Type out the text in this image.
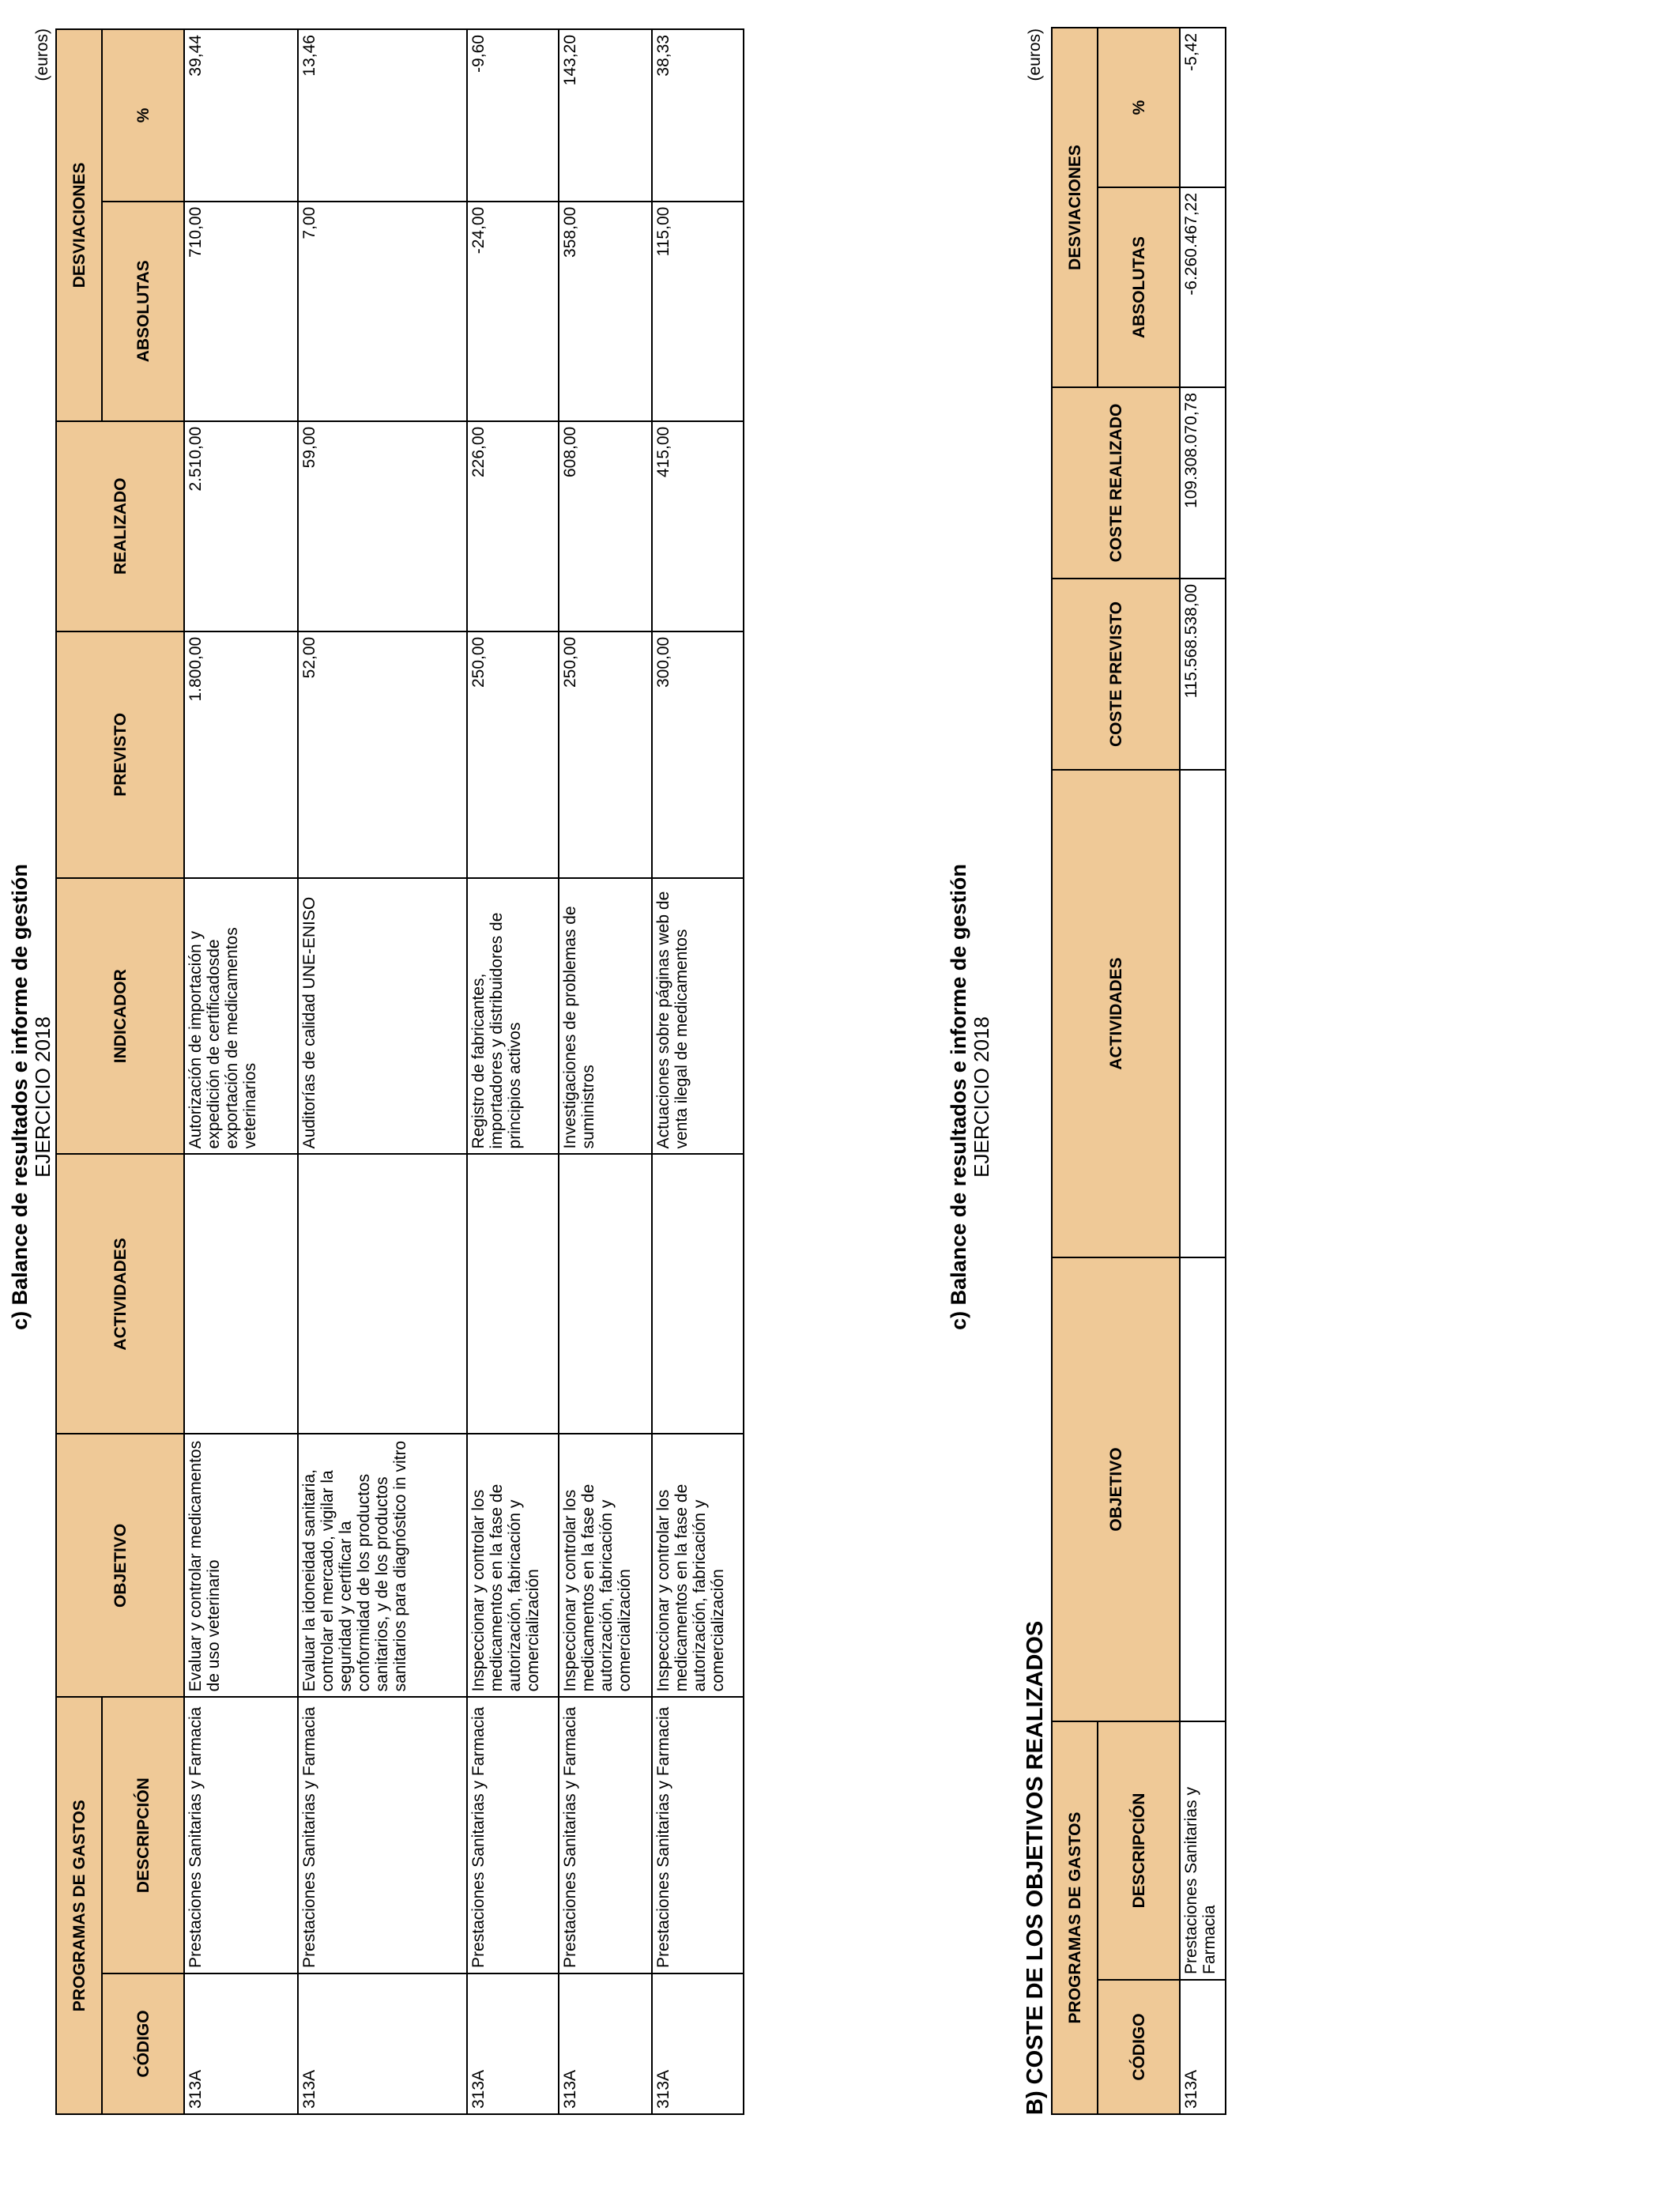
c) Balance de resultados e informe de gestión EJERCICIO 2018
(euros)
PROGRAMAS DE GASTOS		OBJETIVO	ACTIVIDADES	INDICADOR	PREVISTO	REALIZADO	DESVIACIONES	
CÓDIGO	DESCRIPCIÓN						ABSOLUTAS	%
313A	Prestaciones Sanitarias y Farmacia	Evaluar y controlar medicamentos de uso veterinario		Autorización de importación y expedición de certificadosde exportación de medicamentos veterinarios	1.800,00	2.510,00	710,00	39,44
313A	Prestaciones Sanitarias y Farmacia	Evaluar la idoneidad sanitaria, controlar el mercado, vigilar la seguridad y certificar la conformidad de los productos sanitarios, y de los productos sanitarios para diagnóstico in vitro		Auditorías de calidad UNE-ENISO	52,00	59,00	7,00	13,46
313A	Prestaciones Sanitarias y Farmacia	Inspeccionar y controlar los medicamentos en la fase de autorización, fabricación y comercialización		Registro de fabricantes, importadores y distribuidores de principios activos	250,00	226,00	-24,00	-9,60
313A	Prestaciones Sanitarias y Farmacia	Inspeccionar y controlar los medicamentos en la fase de autorización, fabricación y comercialización		Investigaciones de problemas de suministros	250,00	608,00	358,00	143,20
313A	Prestaciones Sanitarias y Farmacia	Inspeccionar y controlar los medicamentos en la fase de autorización, fabricación y comercialización		Actuaciones sobre páginas web de venta ilegal de medicamentos	300,00	415,00	115,00	38,33
c) Balance de resultados e informe de gestión EJERCICIO 2018
B) COSTE DE LOS OBJETIVOS REALIZADOS
(euros)
PROGRAMAS DE GASTOS		OBJETIVO	ACTIVIDADES	COSTE PREVISTO	COSTE REALIZADO	DESVIACIONES	
CÓDIGO	DESCRIPCIÓN					ABSOLUTAS	%
313A	Prestaciones Sanitarias y Farmacia			115.568.538,00	109.308.070,78	-6.260.467,22	-5,42
